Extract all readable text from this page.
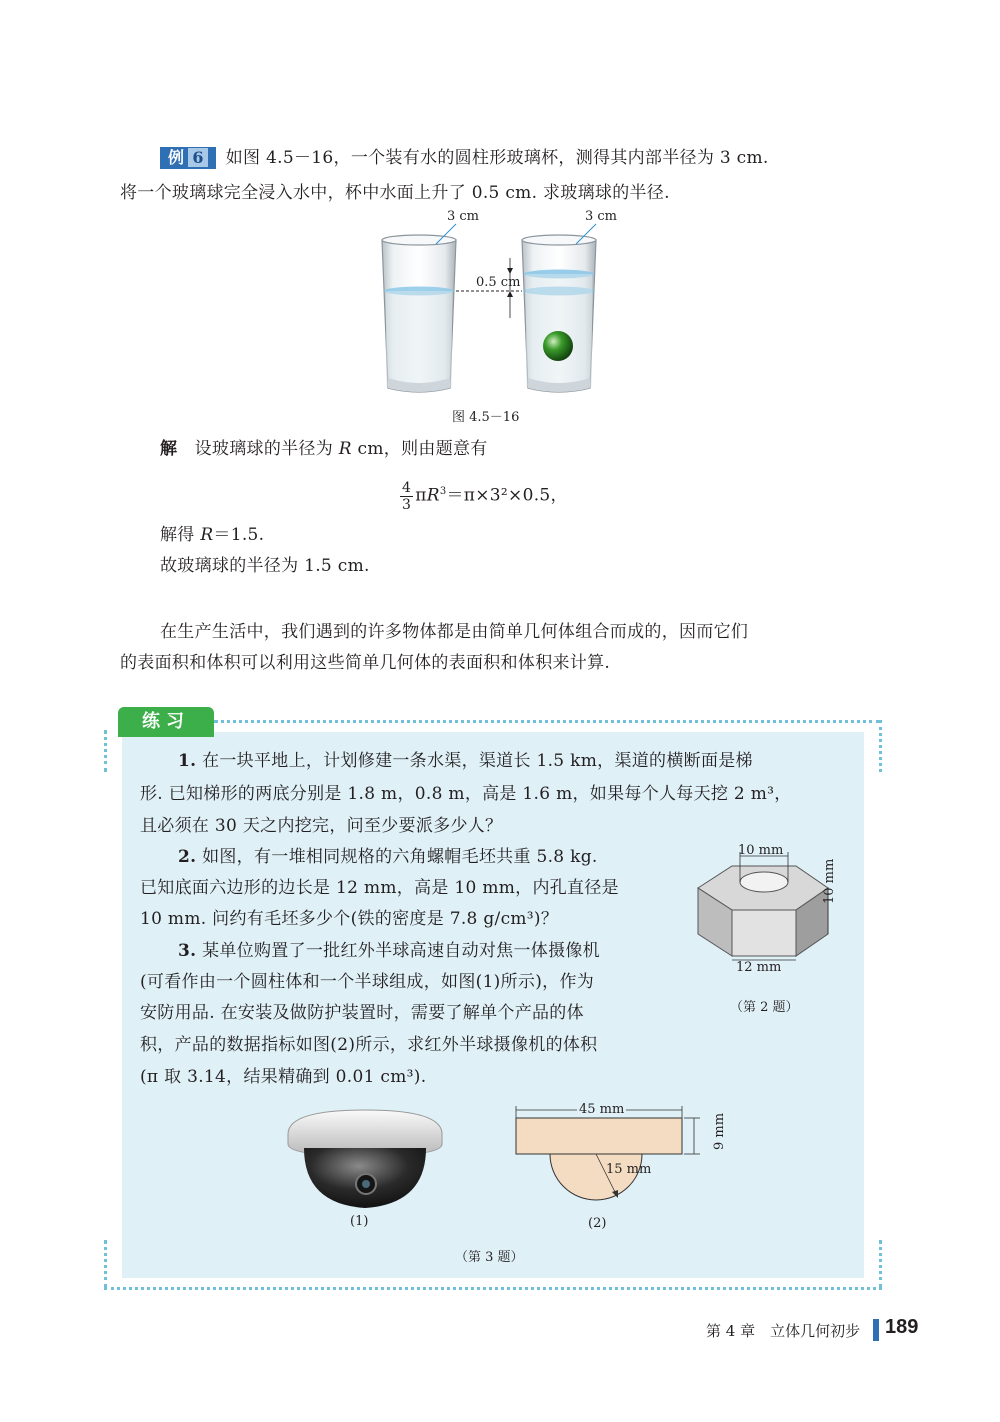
例 6 如图 4.5－16，一个装有水的圆柱形玻璃杯，测得其内部半径为 3 cm.
将一个玻璃球完全浸入水中，杯中水面上升了 0.5 cm. 求玻璃球的半径.
3 cm	3 cm
0.5 cm
图 4.5－16
解　 设玻璃球的半径为 R cm，则由题意有
$\frac{4}{3} \pi R^3=\pi\times 3^2\times 0.5$，
解得 R＝1.5.
故玻璃球的半径为 1.5 cm.
在生产生活中，我们遇到的许多物体都是由简单几何体组合而成的，因而它们
的表面积和体积可以利用这些简单几何体的表面积和体积来计算.
练习
1. 在一块平地上，计划修建一条水渠，渠道长 1.5 km，渠道的横断面是梯
形. 已知梯形的两底分别是 1.8 m，0.8 m，高是 1.6 m，如果每个人每天挖 2 m³，
且必须在 30 天之内挖完，问至少要派多少人？
2. 如图，有一堆相同规格的六角螺帽毛坯共重 5.8 kg.
已知底面六边形的边长是 12 mm，高是 10 mm，内孔直径是
10 mm. 问约有毛坯多少个(铁的密度是 7.8 g/cm³)？
10 mm
10 mm
12 mm
（第 2 题）
3. 某单位购置了一批红外半球高速自动对焦一体摄像机
(可看作由一个圆柱体和一个半球组成，如图(1)所示)，作为
安防用品. 在安装及做防护装置时，需要了解单个产品的体
积，产品的数据指标如图(2)所示，求红外半球摄像机的体积
(π 取 3.14，结果精确到 0.01 cm³).
(1)
45 mm
9 mm
15 mm
(2)
（第 3 题）
第 4 章　立体几何初步 189
